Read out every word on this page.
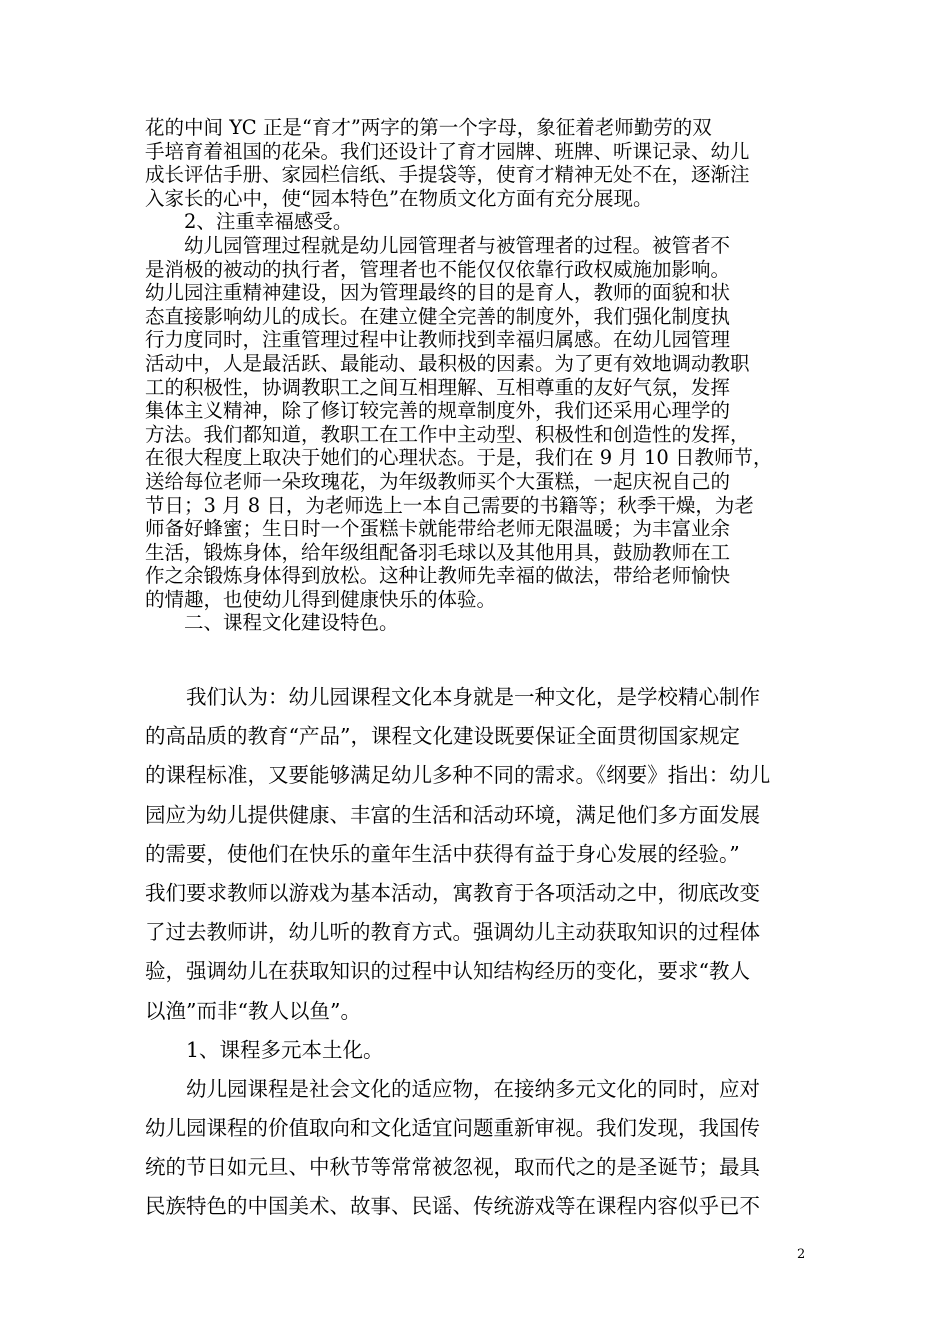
花的中间 YC 正是“育才”两字的第一个字母，象征着老师勤劳的双
手培育着祖国的花朵。我们还设计了育才园牌、班牌、听课记录、幼儿
成长评估手册、家园栏信纸、手提袋等，使育才精神无处不在，逐渐注
入家长的心中，使“园本特色”在物质文化方面有充分展现。
　　2、注重幸福感受。
　　幼儿园管理过程就是幼儿园管理者与被管理者的过程。被管者不
是消极的被动的执行者，管理者也不能仅仅依靠行政权威施加影响。
幼儿园注重精神建设，因为管理最终的目的是育人，教师的面貌和状
态直接影响幼儿的成长。在建立健全完善的制度外，我们强化制度执
行力度同时，注重管理过程中让教师找到幸福归属感。在幼儿园管理
活动中，人是最活跃、最能动、最积极的因素。为了更有效地调动教职
工的积极性，协调教职工之间互相理解、互相尊重的友好气氛，发挥
集体主义精神，除了修订较完善的规章制度外，我们还采用心理学的
方法。我们都知道，教职工在工作中主动型、积极性和创造性的发挥，
在很大程度上取决于她们的心理状态。于是，我们在 9 月 10 日教师节，
送给每位老师一朵玫瑰花，为年级教师买个大蛋糕，一起庆祝自己的
节日；3 月 8 日，为老师选上一本自己需要的书籍等；秋季干燥，为老
师备好蜂蜜；生日时一个蛋糕卡就能带给老师无限温暖；为丰富业余
生活，锻炼身体，给年级组配备羽毛球以及其他用具，鼓励教师在工
作之余锻炼身体得到放松。这种让教师先幸福的做法，带给老师愉快
的情趣，也使幼儿得到健康快乐的体验。
　　二、课程文化建设特色。
　　我们认为：幼儿园课程文化本身就是一种文化，是学校精心制作
的高品质的教育“产品”，课程文化建设既要保证全面贯彻国家规定
的课程标准，又要能够满足幼儿多种不同的需求。《纲要》指出：幼儿
园应为幼儿提供健康、丰富的生活和活动环境，满足他们多方面发展
的需要，使他们在快乐的童年生活中获得有益于身心发展的经验。”
我们要求教师以游戏为基本活动，寓教育于各项活动之中，彻底改变
了过去教师讲，幼儿听的教育方式。强调幼儿主动获取知识的过程体
验，强调幼儿在获取知识的过程中认知结构经历的变化，要求“教人
以渔”而非“教人以鱼”。
　　1、课程多元本土化。
　　幼儿园课程是社会文化的适应物，在接纳多元文化的同时，应对
幼儿园课程的价值取向和文化适宜问题重新审视。我们发现，我国传
统的节日如元旦、中秋节等常常被忽视，取而代之的是圣诞节；最具
民族特色的中国美术、故事、民谣、传统游戏等在课程内容似乎已不
2
